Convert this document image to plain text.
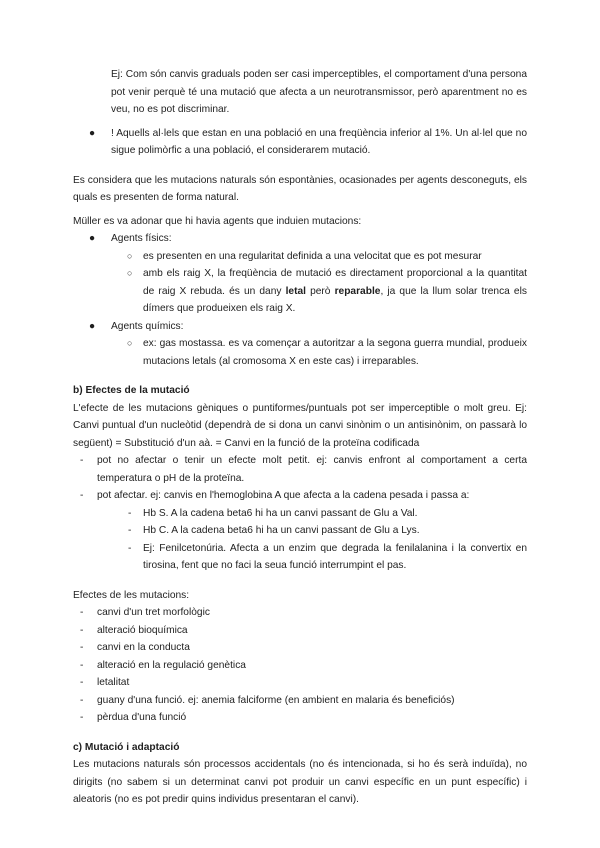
Ej: Com són canvis graduals poden ser casi imperceptibles, el comportament d'una persona pot venir perquè té una mutació que afecta a un neurotransmissor, però aparentment no es veu, no es pot discriminar.

● ! Aquells al·lels que estan en una població en una freqüència inferior al 1%. Un al·lel que no sigue polimòrfic a una població, el considerarem mutació.

Es considera que les mutacions naturals són espontànies, ocasionades per agents desconeguts, els quals es presenten de forma natural.

Müller es va adonar que hi havia agents que induien mutacions:

● Agents físics:
○ es presenten en una regularitat definida a una velocitat que es pot mesurar
○ amb els raig X, la freqüència de mutació es directament proporcional a la quantitat de raig X rebuda. és un dany letal però reparable, ja que la llum solar trenca els dímers que produeixen els raig X.
● Agents químics:
○ ex: gas mostassa. es va començar a autoritzar a la segona guerra mundial, produeix mutacions letals (al cromosoma X en este cas) i irreparables.

b) Efectes de la mutació

L'efecte de les mutacions gèniques o puntiformes/puntuals pot ser imperceptible o molt greu. Ej: Canvi puntual d'un nucleòtid (dependrà de si dona un canvi sinònim o un antisinònim, on passarà lo següent) = Substitució d'un aà. = Canvi en la funció de la proteïna codificada

- pot no afectar o tenir un efecte molt petit. ej: canvis enfront al comportament a certa temperatura o pH de la proteïna.
- pot afectar. ej: canvis en l'hemoglobina A que afecta a la cadena pesada i passa a:
- Hb S. A la cadena beta6 hi ha un canvi passant de Glu a Val.
- Hb C. A la cadena beta6 hi ha un canvi passant de Glu a Lys.
- Ej: Fenilcetonúria. Afecta a un enzim que degrada la fenilalanina i la convertix en tirosina, fent que no faci la seua funció interrumpint el pas.

Efectes de les mutacions:

- canvi d'un tret morfològic
- alteració bioquímica
- canvi en la conducta
- alteració en la regulació genètica
- letalitat
- guany d'una funció. ej: anemia falciforme (en ambient en malaria és beneficiós)
- pèrdua d'una funció

c) Mutació i adaptació

Les mutacions naturals són processos accidentals (no és intencionada, si ho és serà induïda), no dirigits (no sabem si un determinat canvi pot produir un canvi específic en un punt específic) i aleatoris (no es pot predir quins individus presentaran el canvi).
